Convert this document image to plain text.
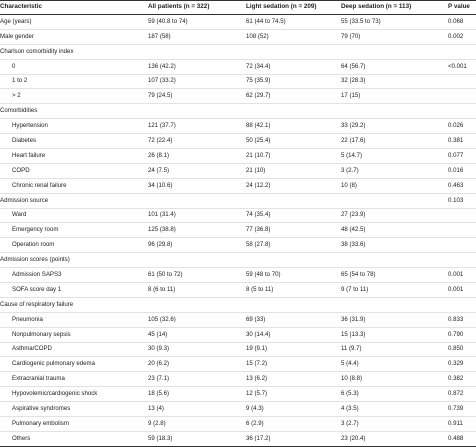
Characteristic	All patients (n = 322)	Light sedation (n = 209)	Deep sedation (n = 113)	P value
Age (years)	59 (40.8 to 74)	61 (44 to 74.5)	55 (33.5 to 73)	0.068
Male gender	187 (58)	108 (52)	79 (70)	0.002
Charlson comorbidity index				
0	136 (42.2)	72 (34.4)	64 (56.7)	<0.001
1 to 2	107 (33.2)	75 (35.9)	32 (28.3)	
> 2	79 (24.5)	62 (29.7)	17 (15)	
Comorbidities				
Hypertension	121 (37.7)	88 (42.1)	33 (29.2)	0.026
Diabetes	72 (22.4)	50 (25.4)	22 (17.6)	0.381
Heart failure	26 (8.1)	21 (10.7)	5 (14.7)	0.077
COPD	24 (7.5)	21 (10)	3 (2.7)	0.016
Chronic renal failure	34 (10.6)	24 (12.2)	10 (8)	0.463
Admission source				0.103
Ward	101 (31.4)	74 (35.4)	27 (23.9)	
Emergency room	125 (38.8)	77 (36.8)	48 (42.5)	
Operation room	96 (29.8)	58 (27.8)	38 (33.6)	
Admission scores (points)				
Admission SAPS3	61 (50 to 72)	59 (48 to 70)	65 (54 to 78)	0.001
SOFA score day 1	8 (6 to 11)	8 (5 to 11)	9 (7 to 11)	0.001
Cause of respiratory failure				
Pneumonia	105 (32.6)	69 (33)	36 (31.9)	0.833
Nonpulmonary sepsis	45 (14)	30 (14.4)	15 (13.3)	0.790
Asthma/COPD	30 (9.3)	19 (9.1)	11 (9.7)	0.850
Cardiogenic pulmonary edema	20 (6.2)	15 (7.2)	5 (4.4)	0.329
Extracranial trauma	23 (7.1)	13 (6.2)	10 (8.8)	0.382
Hypovolemic/cardiogenic shock	18 (5.6)	12 (5.7)	6 (5.3)	0.872
Aspirative syndromes	13 (4)	9 (4.3)	4 (3.5)	0.739
Pulmonary embolism	9 (2.8)	6 (2.9)	3 (2.7)	0.911
Others	59 (18.3)	36 (17.2)	23 (20.4)	0.488
